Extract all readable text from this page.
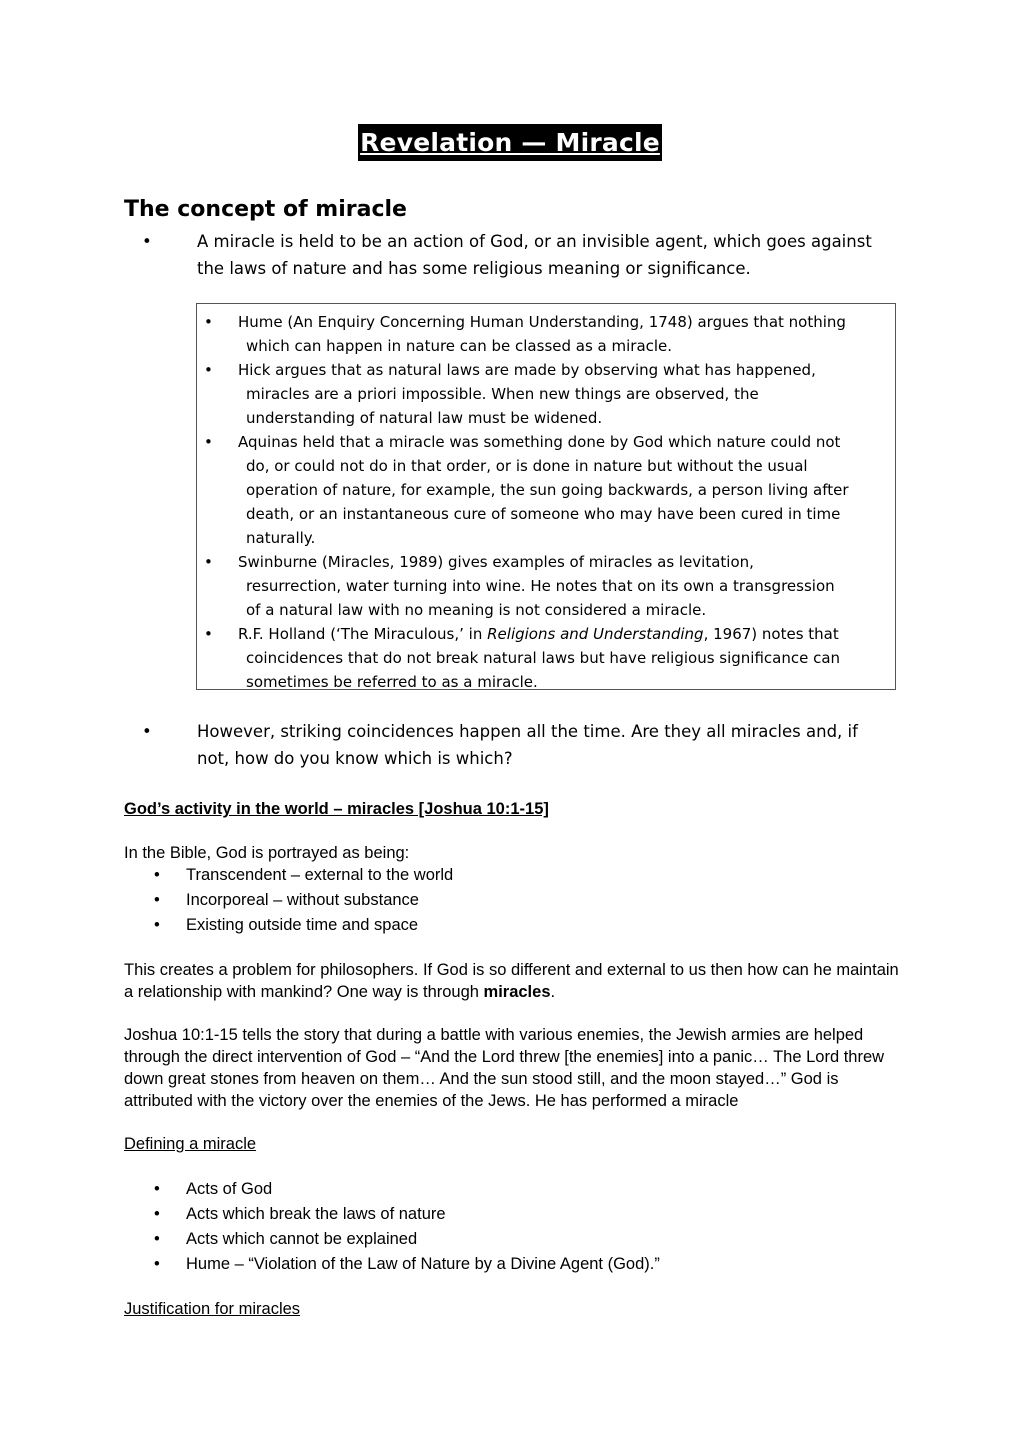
Revelation — Miracle
The concept of miracle
•	A miracle is held to be an action of God, or an invisible agent, which goes against the laws of nature and has some religious meaning or significance.
• Hume (An Enquiry Concerning Human Understanding, 1748) argues that nothing
which can happen in nature can be classed as a miracle.
• Hick argues that as natural laws are made by observing what has happened,
miracles are a priori impossible. When new things are observed, the
understanding of natural law must be widened.
• Aquinas held that a miracle was something done by God which nature could not
do, or could not do in that order, or is done in nature but without the usual
operation of nature, for example, the sun going backwards, a person living after
death, or an instantaneous cure of someone who may have been cured in time
naturally.
• Swinburne (Miracles, 1989) gives examples of miracles as levitation,
resurrection, water turning into wine. He notes that on its own a transgression
of a natural law with no meaning is not considered a miracle.
• R.F. Holland (‘The Miraculous,’ in Religions and Understanding, 1967) notes that
coincidences that do not break natural laws but have religious significance can
sometimes be referred to as a miracle.
•	However, striking coincidences happen all the time. Are they all miracles and, if
not, how do you know which is which?
God’s activity in the world – miracles [Joshua 10:1-15]
In the Bible, God is portrayed as being:
• Transcendent – external to the world
• Incorporeal – without substance
• Existing outside time and space
This creates a problem for philosophers. If God is so different and external to us then how can he maintain a relationship with mankind? One way is through miracles.
Joshua 10:1-15 tells the story that during a battle with various enemies, the Jewish armies are helped through the direct intervention of God – “And the Lord threw [the enemies] into a panic… The Lord threw down great stones from heaven on them… And the sun stood still, and the moon stayed…” God is attributed with the victory over the enemies of the Jews. He has performed a miracle
Defining a miracle
• Acts of God
• Acts which break the laws of nature
• Acts which cannot be explained
• Hume – “Violation of the Law of Nature by a Divine Agent (God).”
Justification for miracles
